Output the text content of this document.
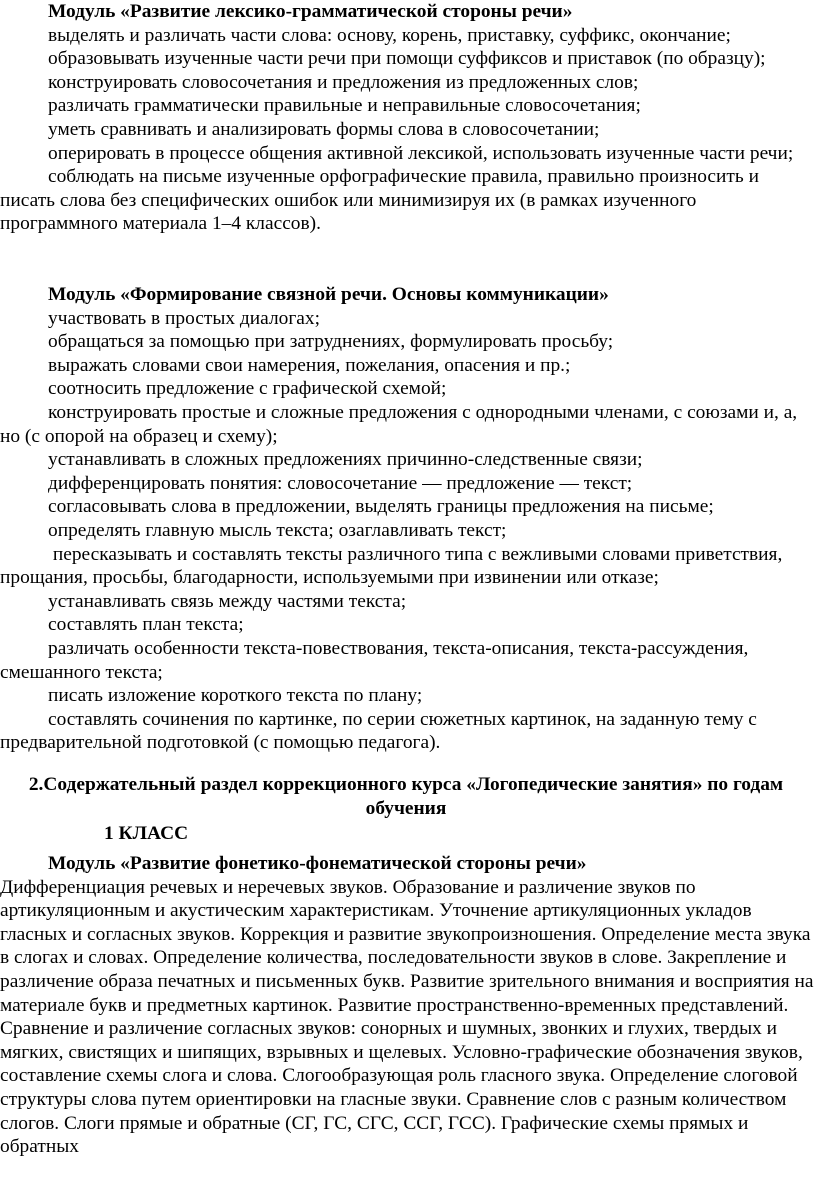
Модуль «Развитие лексико-грамматической стороны речи»

выделять и различать части слова: основу, корень, приставку, суффикс, окончание;

образовывать изученные части речи при помощи суффиксов и приставок (по образцу);

конструировать словосочетания и предложения из предложенных слов;

различать грамматически правильные и неправильные словосочетания;

уметь сравнивать и анализировать формы слова в словосочетании;

оперировать в процессе общения активной лексикой, использовать изученные части речи;

соблюдать на письме изученные орфографические правила, правильно произносить и писать слова без специфических ошибок или минимизируя их (в рамках изученного программного материала 1–4 классов).

Модуль «Формирование связной речи. Основы коммуникации»

участвовать в простых диалогах;

обращаться за помощью при затруднениях, формулировать просьбу;

выражать словами свои намерения, пожелания, опасения и пр.;

соотносить предложение с графической схемой;

конструировать простые и сложные предложения с однородными членами, с союзами и, а, но (с опорой на образец и схему);

устанавливать в сложных предложениях причинно-следственные связи;

дифференцировать понятия: словосочетание — предложение — текст;

согласовывать слова в предложении, выделять границы предложения на письме;

определять главную мысль текста; озаглавливать текст;

пересказывать и составлять тексты различного типа с вежливыми словами приветствия, прощания, просьбы, благодарности, используемыми при извинении или отказе;

устанавливать связь между частями текста;

составлять план текста;

различать особенности текста-повествования, текста-описания, текста-рассуждения, смешанного текста;

писать изложение короткого текста по плану;

составлять сочинения по картинке, по серии сюжетных картинок, на заданную тему с предварительной подготовкой (с помощью педагога).

2.Содержательный раздел коррекционного курса «Логопедические занятия» по годам обучения

1 КЛАСС

Модуль «Развитие фонетико-фонематической стороны речи»

Дифференциация речевых и неречевых звуков. Образование и различение звуков по артикуляционным и акустическим характеристикам. Уточнение артикуляционных укладов гласных и согласных звуков. Коррекция и развитие звукопроизношения. Определение места звука в слогах и словах. Определение количества, последовательности звуков в слове. Закрепление и различение образа печатных и письменных букв. Развитие зрительного внимания и восприятия на материале букв и предметных картинок. Развитие пространственно-временных представлений. Сравнение и различение согласных звуков: сонорных и шумных, звонких и глухих, твердых и мягких, свистящих и шипящих, взрывных и щелевых. Условно-графические обозначения звуков, составление схемы слога и слова. Слогообразующая роль гласного звука. Определение слоговой структуры слова путем ориентировки на гласные звуки. Сравнение слов с разным количеством слогов. Слоги прямые и обратные (СГ, ГС, СГС, ССГ, ГСС). Графические схемы прямых и обратных
